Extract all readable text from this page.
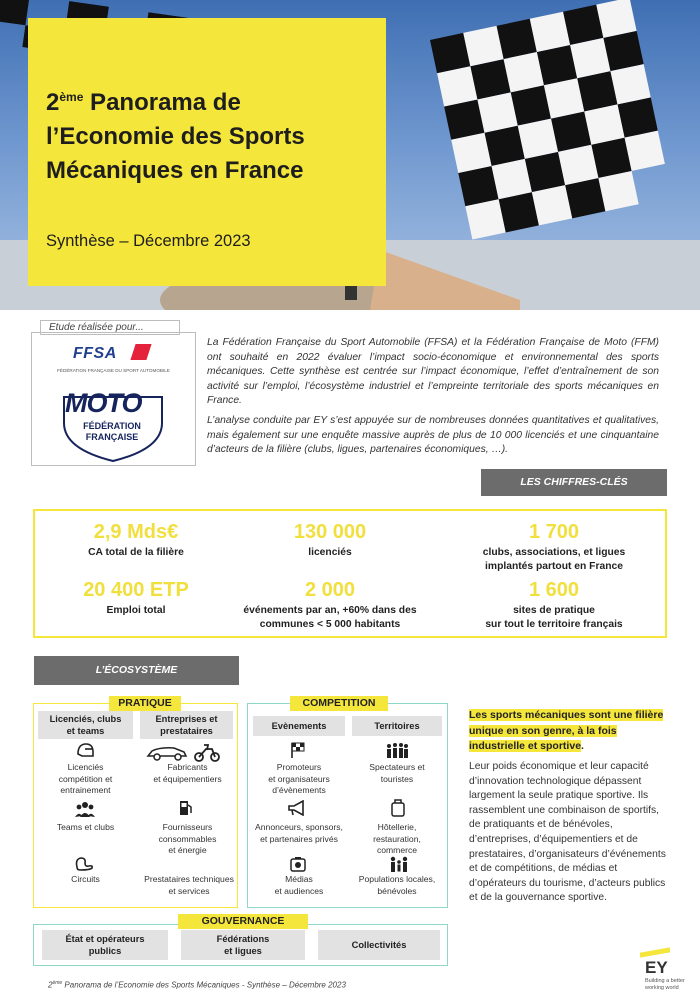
2ème Panorama de
l’Economie des Sports
Mécaniques en France
Synthèse – Décembre 2023
Etude réalisée pour...
FFSA
FÉDÉRATION FRANÇAISE DU SPORT AUTOMOBILE
MOTO
FÉDÉRATION
FRANÇAISE

La Fédération Française du Sport Automobile (FFSA) et la Fédération Française de Moto (FFM) ont souhaité en 2022 évaluer l’impact socio-économique et environnemental des sports mécaniques. Cette synthèse est centrée sur l’impact économique, l’effet d’entraînement de son activité sur l’emploi, l’écosystème industriel et l’empreinte territoriale des sports mécaniques en France.

L’analyse conduite par EY s’est appuyée sur de nombreuses données quantitatives et qualitatives, mais également sur une enquête massive auprès de plus de 10 000 licenciés et une cinquantaine d’acteurs de la filière (clubs, ligues, partenaires économiques, …).

LES CHIFFRES-CLÉS
2,9 Mds€
CA total de la filière
130 000
licenciés
1 700
clubs, associations, et ligues
implantés partout en France
20 400 ETP
Emploi total
2 000
événements par an, +60% dans des
communes < 5 000 habitants
1 600
sites de pratique
sur tout le territoire français
L’ÉCOSYSTÈME
PRATIQUE
Licenciés, clubs
et teams
Entreprises et
prestataires
Licenciés
compétition et
entrainement
Teams et clubs
Circuits
Fabricants
et équipementiers
Fournisseurs
consommables
et énergie
Prestataires techniques
et services
COMPETITION
Evènements	Territoires
Promoteurs
et organisateurs
d’évènements
Annonceurs, sponsors,
et partenaires privés
Médias
et audiences
Spectateurs et
touristes
Hôtellerie,
restauration,
commerce
Populations locales,
bénévoles
GOUVERNANCE
État et opérateurs
publics
Fédérations
et ligues
Collectivités
Les sports mécaniques sont une filière
unique en son genre, à la fois
industrielle et sportive.
Leur poids économique et leur capacité d’innovation technologique dépassent largement la seule pratique sportive. Ils rassemblent une combinaison de sportifs, de pratiquants et de bénévoles, d’entreprises, d’équipementiers et de prestataires, d’organisateurs d’événements et de compétitions, de médias et d’opérateurs du tourisme, d’acteurs publics et de la gouvernance sportive.
2ème Panorama de l’Economie des Sports Mécaniques - Synthèse – Décembre 2023
EY
Building a better
working world
